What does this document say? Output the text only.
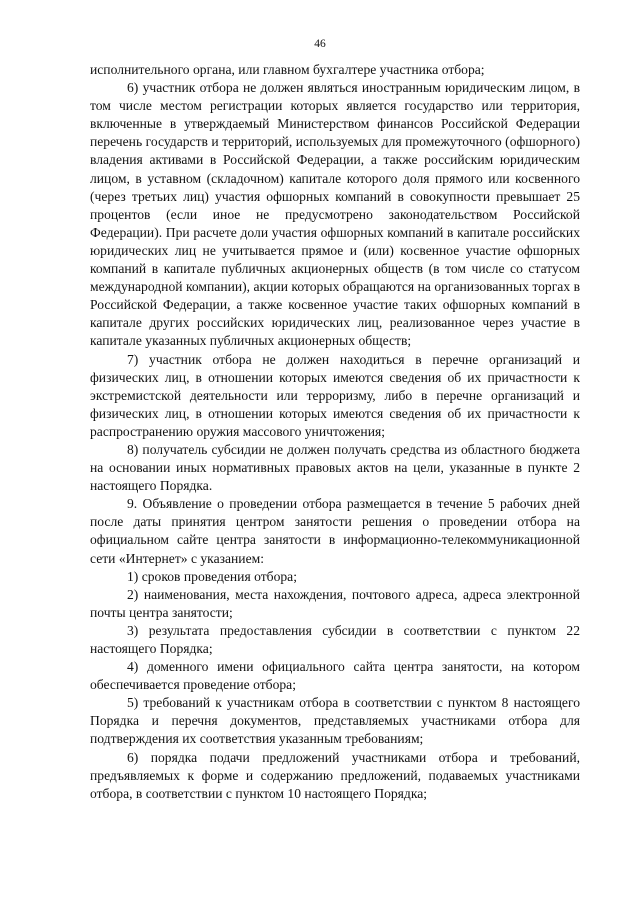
46

исполнительного органа, или главном бухгалтере участника отбора;

6) участник отбора не должен являться иностранным юридическим лицом, в том числе местом регистрации которых является государство или территория, включенные в утверждаемый Министерством финансов Российской Федерации перечень государств и территорий, используемых для промежуточного (офшорного) владения активами в Российской Федерации, а также российским юридическим лицом, в уставном (складочном) капитале которого доля прямого или косвенного (через третьих лиц) участия офшорных компаний в совокупности превышает 25 процентов (если иное не предусмотрено законодательством Российской Федерации). При расчете доли участия офшорных компаний в капитале российских юридических лиц не учитывается прямое и (или) косвенное участие офшорных компаний в капитале публичных акционерных обществ (в том числе со статусом международной компании), акции которых обращаются на организованных торгах в Российской Федерации, а также косвенное участие таких офшорных компаний в капитале других российских юридических лиц, реализованное через участие в капитале указанных публичных акционерных обществ;

7) участник отбора не должен находиться в перечне организаций и физических лиц, в отношении которых имеются сведения об их причастности к экстремистской деятельности или терроризму, либо в перечне организаций и физических лиц, в отношении которых имеются сведения об их причастности к распространению оружия массового уничтожения;

8) получатель субсидии не должен получать средства из областного бюджета на основании иных нормативных правовых актов на цели, указанные в пункте 2 настоящего Порядка.

9. Объявление о проведении отбора размещается в течение 5 рабочих дней после даты принятия центром занятости решения о проведении отбора на официальном сайте центра занятости в информационно-телекоммуникационной сети «Интернет» с указанием:

1) сроков проведения отбора;

2) наименования, места нахождения, почтового адреса, адреса электронной почты центра занятости;

3) результата предоставления субсидии в соответствии с пунктом 22 настоящего Порядка;

4) доменного имени официального сайта центра занятости, на котором обеспечивается проведение отбора;

5) требований к участникам отбора в соответствии с пунктом 8 настоящего Порядка и перечня документов, представляемых участниками отбора для подтверждения их соответствия указанным требованиям;

6) порядка подачи предложений участниками отбора и требований, предъявляемых к форме и содержанию предложений, подаваемых участниками отбора, в соответствии с пунктом 10 настоящего Порядка;
